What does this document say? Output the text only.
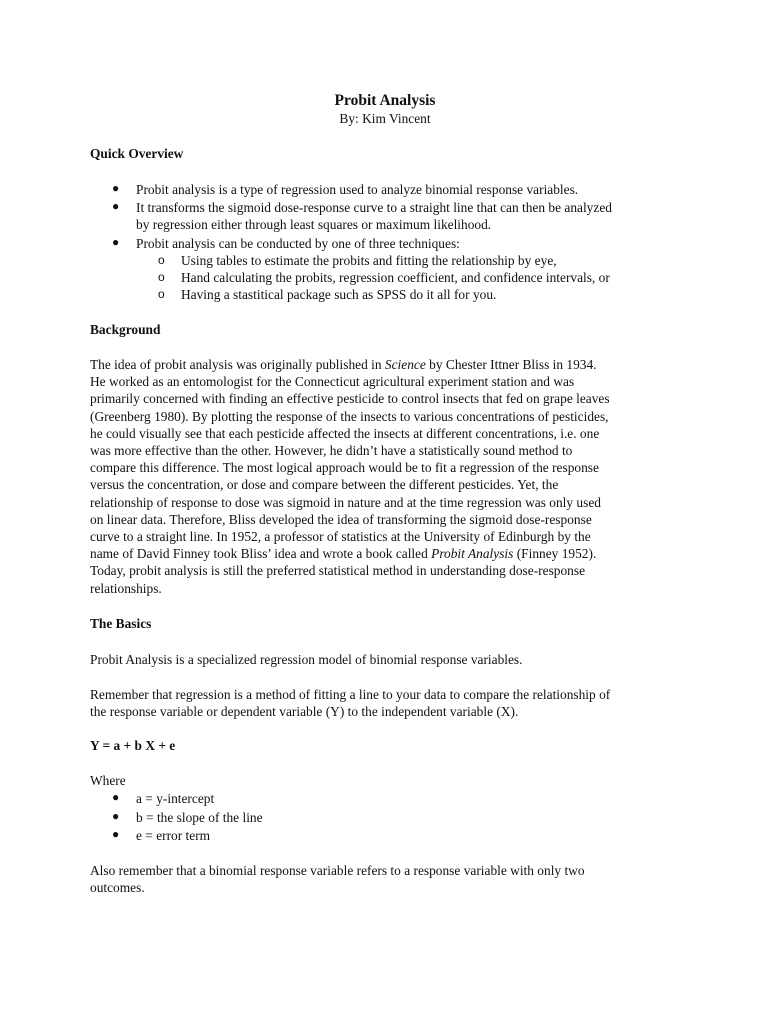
Probit Analysis
By: Kim Vincent
Quick Overview
● Probit analysis is a type of regression used to analyze binomial response variables.
● It transforms the sigmoid dose-response curve to a straight line that can then be analyzed
by regression either through least squares or maximum likelihood.
● Probit analysis can be conducted by one of three techniques:
o Using tables to estimate the probits and fitting the relationship by eye,
o Hand calculating the probits, regression coefficient, and confidence intervals, or
o Having a stastitical package such as SPSS do it all for you.
Background
The idea of probit analysis was originally published in Science by Chester Ittner Bliss in 1934.
He worked as an entomologist for the Connecticut agricultural experiment station and was
primarily concerned with finding an effective pesticide to control insects that fed on grape leaves
(Greenberg 1980). By plotting the response of the insects to various concentrations of pesticides,
he could visually see that each pesticide affected the insects at different concentrations, i.e. one
was more effective than the other. However, he didn’t have a statistically sound method to
compare this difference. The most logical approach would be to fit a regression of the response
versus the concentration, or dose and compare between the different pesticides. Yet, the
relationship of response to dose was sigmoid in nature and at the time regression was only used
on linear data. Therefore, Bliss developed the idea of transforming the sigmoid dose-response
curve to a straight line. In 1952, a professor of statistics at the University of Edinburgh by the
name of David Finney took Bliss’ idea and wrote a book called Probit Analysis (Finney 1952).
Today, probit analysis is still the preferred statistical method in understanding dose-response
relationships.
The Basics
Probit Analysis is a specialized regression model of binomial response variables.
Remember that regression is a method of fitting a line to your data to compare the relationship of
the response variable or dependent variable (Y) to the independent variable (X).
Y = a + b X + e
Where
● a = y-intercept
● b = the slope of the line
● e = error term
Also remember that a binomial response variable refers to a response variable with only two
outcomes.
